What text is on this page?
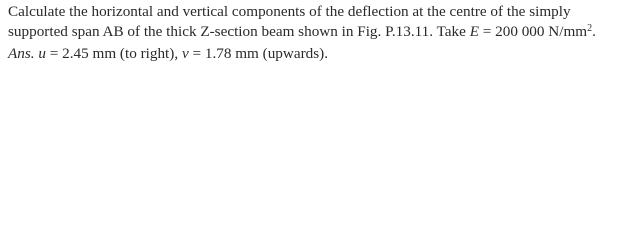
Calculate the horizontal and vertical components of the deflection at the centre of the simply
supported span AB of the thick Z-section beam shown in Fig. P.13.11. Take E = 200 000 $N/mm^2$.
Ans. u = 2.45 mm (to right), v = 1.78 mm (upwards).
